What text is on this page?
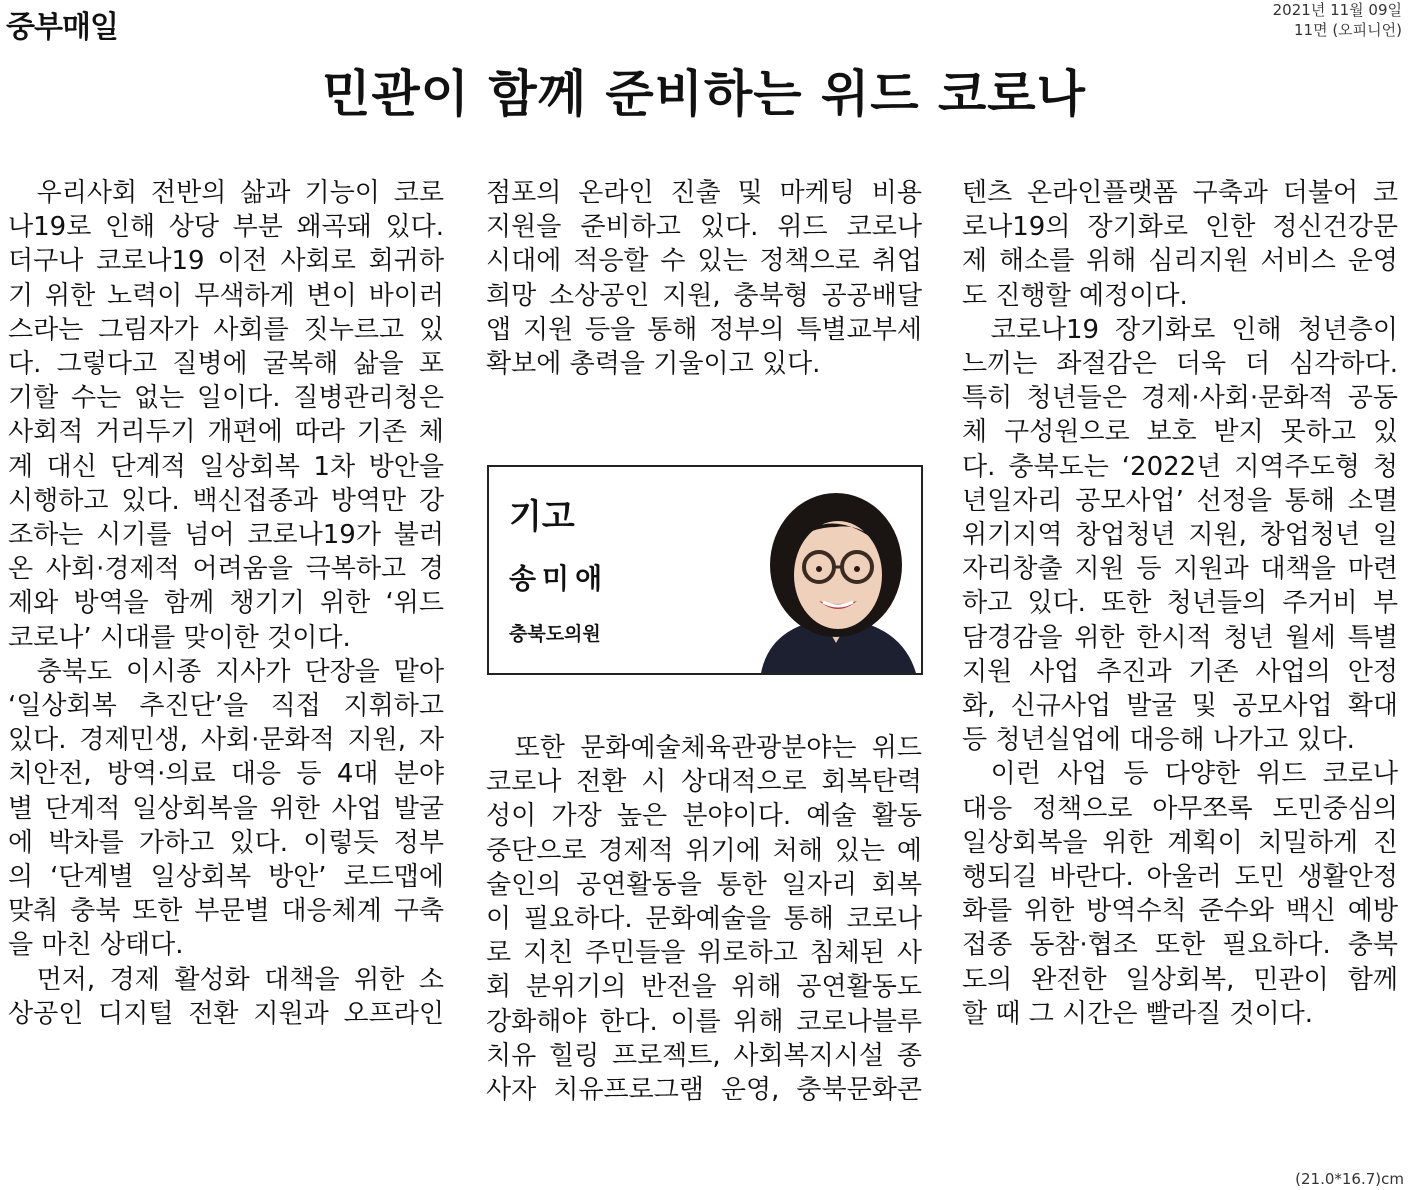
중부매일	2021년 11월 09일
11면 (오피니언)
민관이 함께 준비하는 위드 코로나
우리사회 전반의 삶과 기능이 코로
나19로 인해 상당 부분 왜곡돼 있다.
더구나 코로나19 이전 사회로 회귀하
기 위한 노력이 무색하게 변이 바이러
스라는 그림자가 사회를 짓누르고 있
다. 그렇다고 질병에 굴복해 삶을 포
기할 수는 없는 일이다. 질병관리청은
사회적 거리두기 개편에 따라 기존 체
계 대신 단계적 일상회복 1차 방안을
시행하고 있다. 백신접종과 방역만 강
조하는 시기를 넘어 코로나19가 불러
온 사회·경제적 어려움을 극복하고 경
제와 방역을 함께 챙기기 위한 ‘위드
코로나’ 시대를 맞이한 것이다.
충북도 이시종 지사가 단장을 맡아
‘일상회복 추진단’을 직접 지휘하고
있다. 경제민생, 사회·문화적 지원, 자
치안전, 방역·의료 대응 등 4대 분야
별 단계적 일상회복을 위한 사업 발굴
에 박차를 가하고 있다. 이렇듯 정부
의 ‘단계별 일상회복 방안’ 로드맵에
맞춰 충북 또한 부문별 대응체계 구축
을 마친 상태다.
먼저, 경제 활성화 대책을 위한 소
상공인 디지털 전환 지원과 오프라인
점포의 온라인 진출 및 마케팅 비용
지원을 준비하고 있다. 위드 코로나
시대에 적응할 수 있는 정책으로 취업
희망 소상공인 지원, 충북형 공공배달
앱 지원 등을 통해 정부의 특별교부세
확보에 총력을 기울이고 있다.
기고
송미애
충북도의원
또한 문화예술체육관광분야는 위드
코로나 전환 시 상대적으로 회복탄력
성이 가장 높은 분야이다. 예술 활동
중단으로 경제적 위기에 처해 있는 예
술인의 공연활동을 통한 일자리 회복
이 필요하다. 문화예술을 통해 코로나
로 지친 주민들을 위로하고 침체된 사
회 분위기의 반전을 위해 공연활동도
강화해야 한다. 이를 위해 코로나블루
치유 힐링 프로젝트, 사회복지시설 종
사자 치유프로그램 운영, 충북문화콘
텐츠 온라인플랫폼 구축과 더불어 코
로나19의 장기화로 인한 정신건강문
제 해소를 위해 심리지원 서비스 운영
도 진행할 예정이다.
코로나19 장기화로 인해 청년층이
느끼는 좌절감은 더욱 더 심각하다.
특히 청년들은 경제·사회·문화적 공동
체 구성원으로 보호 받지 못하고 있
다. 충북도는 ‘2022년 지역주도형 청
년일자리 공모사업’ 선정을 통해 소멸
위기지역 창업청년 지원, 창업청년 일
자리창출 지원 등 지원과 대책을 마련
하고 있다. 또한 청년들의 주거비 부
담경감을 위한 한시적 청년 월세 특별
지원 사업 추진과 기존 사업의 안정
화, 신규사업 발굴 및 공모사업 확대
등 청년실업에 대응해 나가고 있다.
이런 사업 등 다양한 위드 코로나
대응 정책으로 아무쪼록 도민중심의
일상회복을 위한 계획이 치밀하게 진
행되길 바란다. 아울러 도민 생활안정
화를 위한 방역수칙 준수와 백신 예방
접종 동참·협조 또한 필요하다. 충북
도의 완전한 일상회복, 민관이 함께
할 때 그 시간은 빨라질 것이다.
(21.0*16.7)cm
